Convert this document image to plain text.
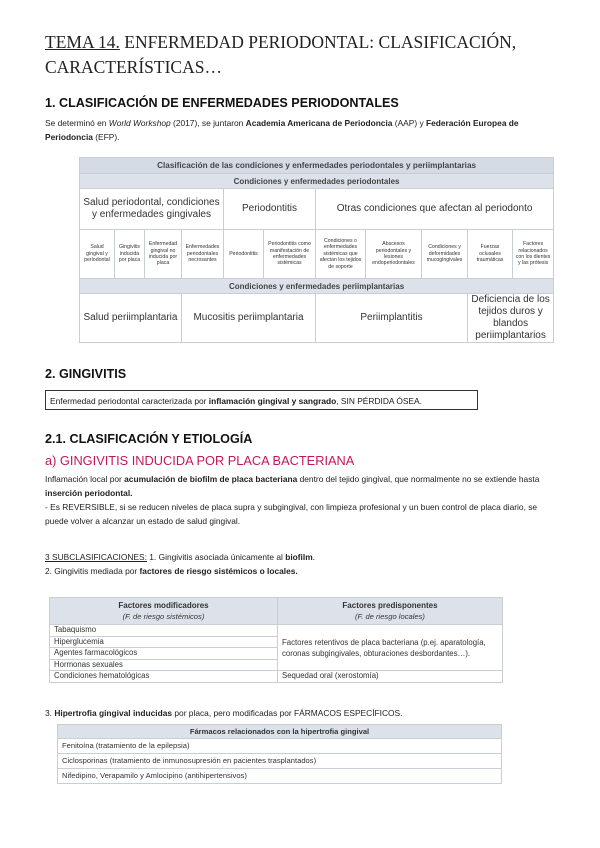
TEMA 14. ENFERMEDAD PERIODONTAL: CLASIFICACIÓN, CARACTERÍSTICAS…
1. CLASIFICACIÓN DE ENFERMEDADES PERIODONTALES
Se determinó en World Workshop (2017), se juntaron Academia Americana de Periodoncia (AAP) y Federación Europea de Periodoncia (EFP).
Clasificación de las condiciones y enfermedades periodontales y periimplantarias										
Condiciones y enfermedades periodontales										
Salud periodontal, condiciones y enfermedades gingivales				Periodontitis		Otras condiciones que afectan al periodonto				
Salud gingival y periodontal	Gingivitis inducida por placa	Enfermedad gingival no inducida por placa	Enfermedades periodontales necrosantes	Periodontitis	Periodontitis como manifestación de enfermedades sistémicas	Condiciones o enfermedades sistémicas que afectan los tejidos de soporte	Abscesos periodontales y lesiones endoperiodontales	Condiciones y deformidades mucogingivales	Fuerzas oclusales traumáticas	Factores relacionados con los dientes y las prótesis
Condiciones y enfermedades periimplantarias										
Salud periimplantaria			Mucositis periimplantaria			Periimplantitis			Deficiencia de los tejidos duros y blandos periimplantarios	
2. GINGIVITIS
Enfermedad periodontal caracterizada por inflamación gingival y sangrado, SIN PÉRDIDA ÓSEA.
2.1. CLASIFICACIÓN Y ETIOLOGÍA
a) GINGIVITIS INDUCIDA POR PLACA BACTERIANA
Inflamación local por acumulación de biofilm de placa bacteriana dentro del tejido gingival, que normalmente no se extiende hasta inserción periodontal.
- Es REVERSIBLE, si se reducen niveles de placa supra y subgingival, con limpieza profesional y un buen control de placa diario, se puede volver a alcanzar un estado de salud gingival.
3 SUBCLASIFICACIONES: 1. Gingivitis asociada únicamente al biofilm.
2. Gingivitis mediada por factores de riesgo sistémicos o locales.
Factores modificadores
(F. de riesgo sistémicos)	Factores predisponentes
(F. de riesgo locales)
Tabaquismo	Factores retentivos de placa bacteriana (p.ej. aparatología, coronas subgingivales, obturaciones desbordantes…).
Hiperglucemia	
Agentes farmacológicos	
Hormonas sexuales	
Condiciones hematológicas	Sequedad oral (xerostomía)
3. Hipertrofia gingival inducidas por placa, pero modificadas por FÁRMACOS ESPECÍFICOS.
Fármacos relacionados con la hipertrofia gingival
Fenitoína (tratamiento de la epilepsia)
Ciclosporinas (tratamiento de inmunosupresión en pacientes trasplantados)
Nifedipino, Verapamilo y Amlocipino (antihipertensivos)
